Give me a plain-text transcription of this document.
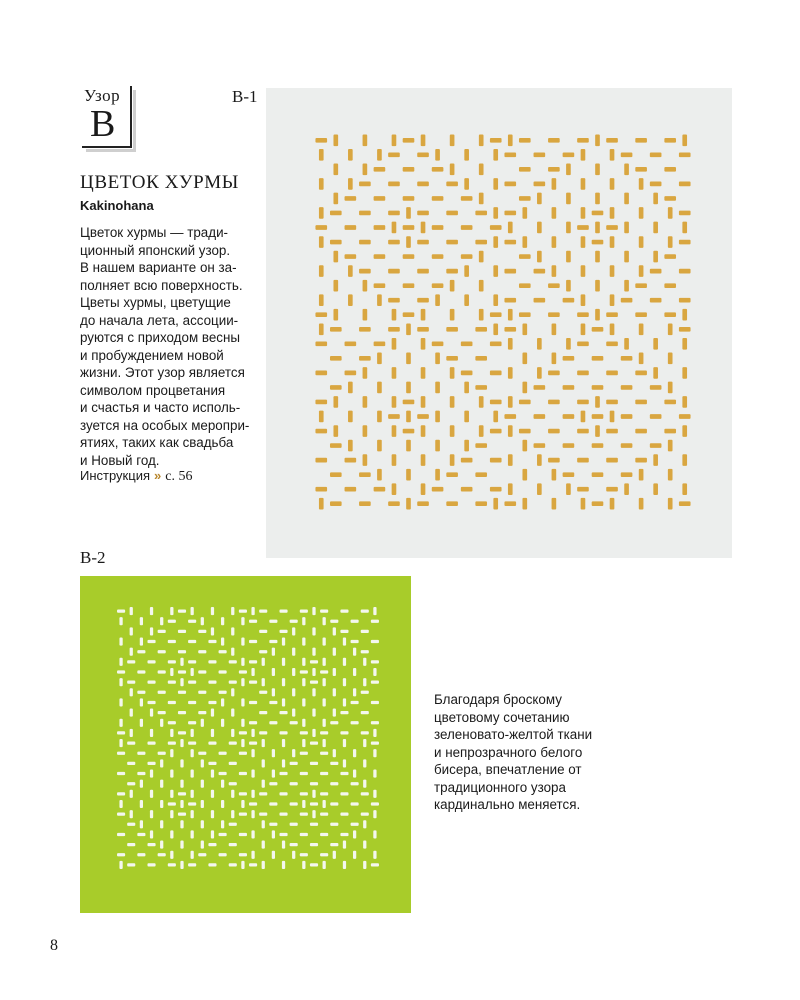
Узор
B
B-1
ЦВЕТОК ХУРМЫ
Kakinohana
Цветок хурмы — тради-
ционный японский узор.
В нашем варианте он за-
полняет всю поверхность.
Цветы хурмы, цветущие
до начала лета, ассоции-
руются с приходом весны
и пробуждением новой
жизни. Этот узор является
символом процветания
и счастья и часто исполь-
зуется на особых меропри-
ятиях, таких как свадьба
и Новый год.
Инструкция » с. 56
B-2
Благодаря броскому
цветовому сочетанию
зеленовато-желтой ткани
и непрозрачного белого
бисера, впечатление от
традиционного узора
кардинально меняется.
8
